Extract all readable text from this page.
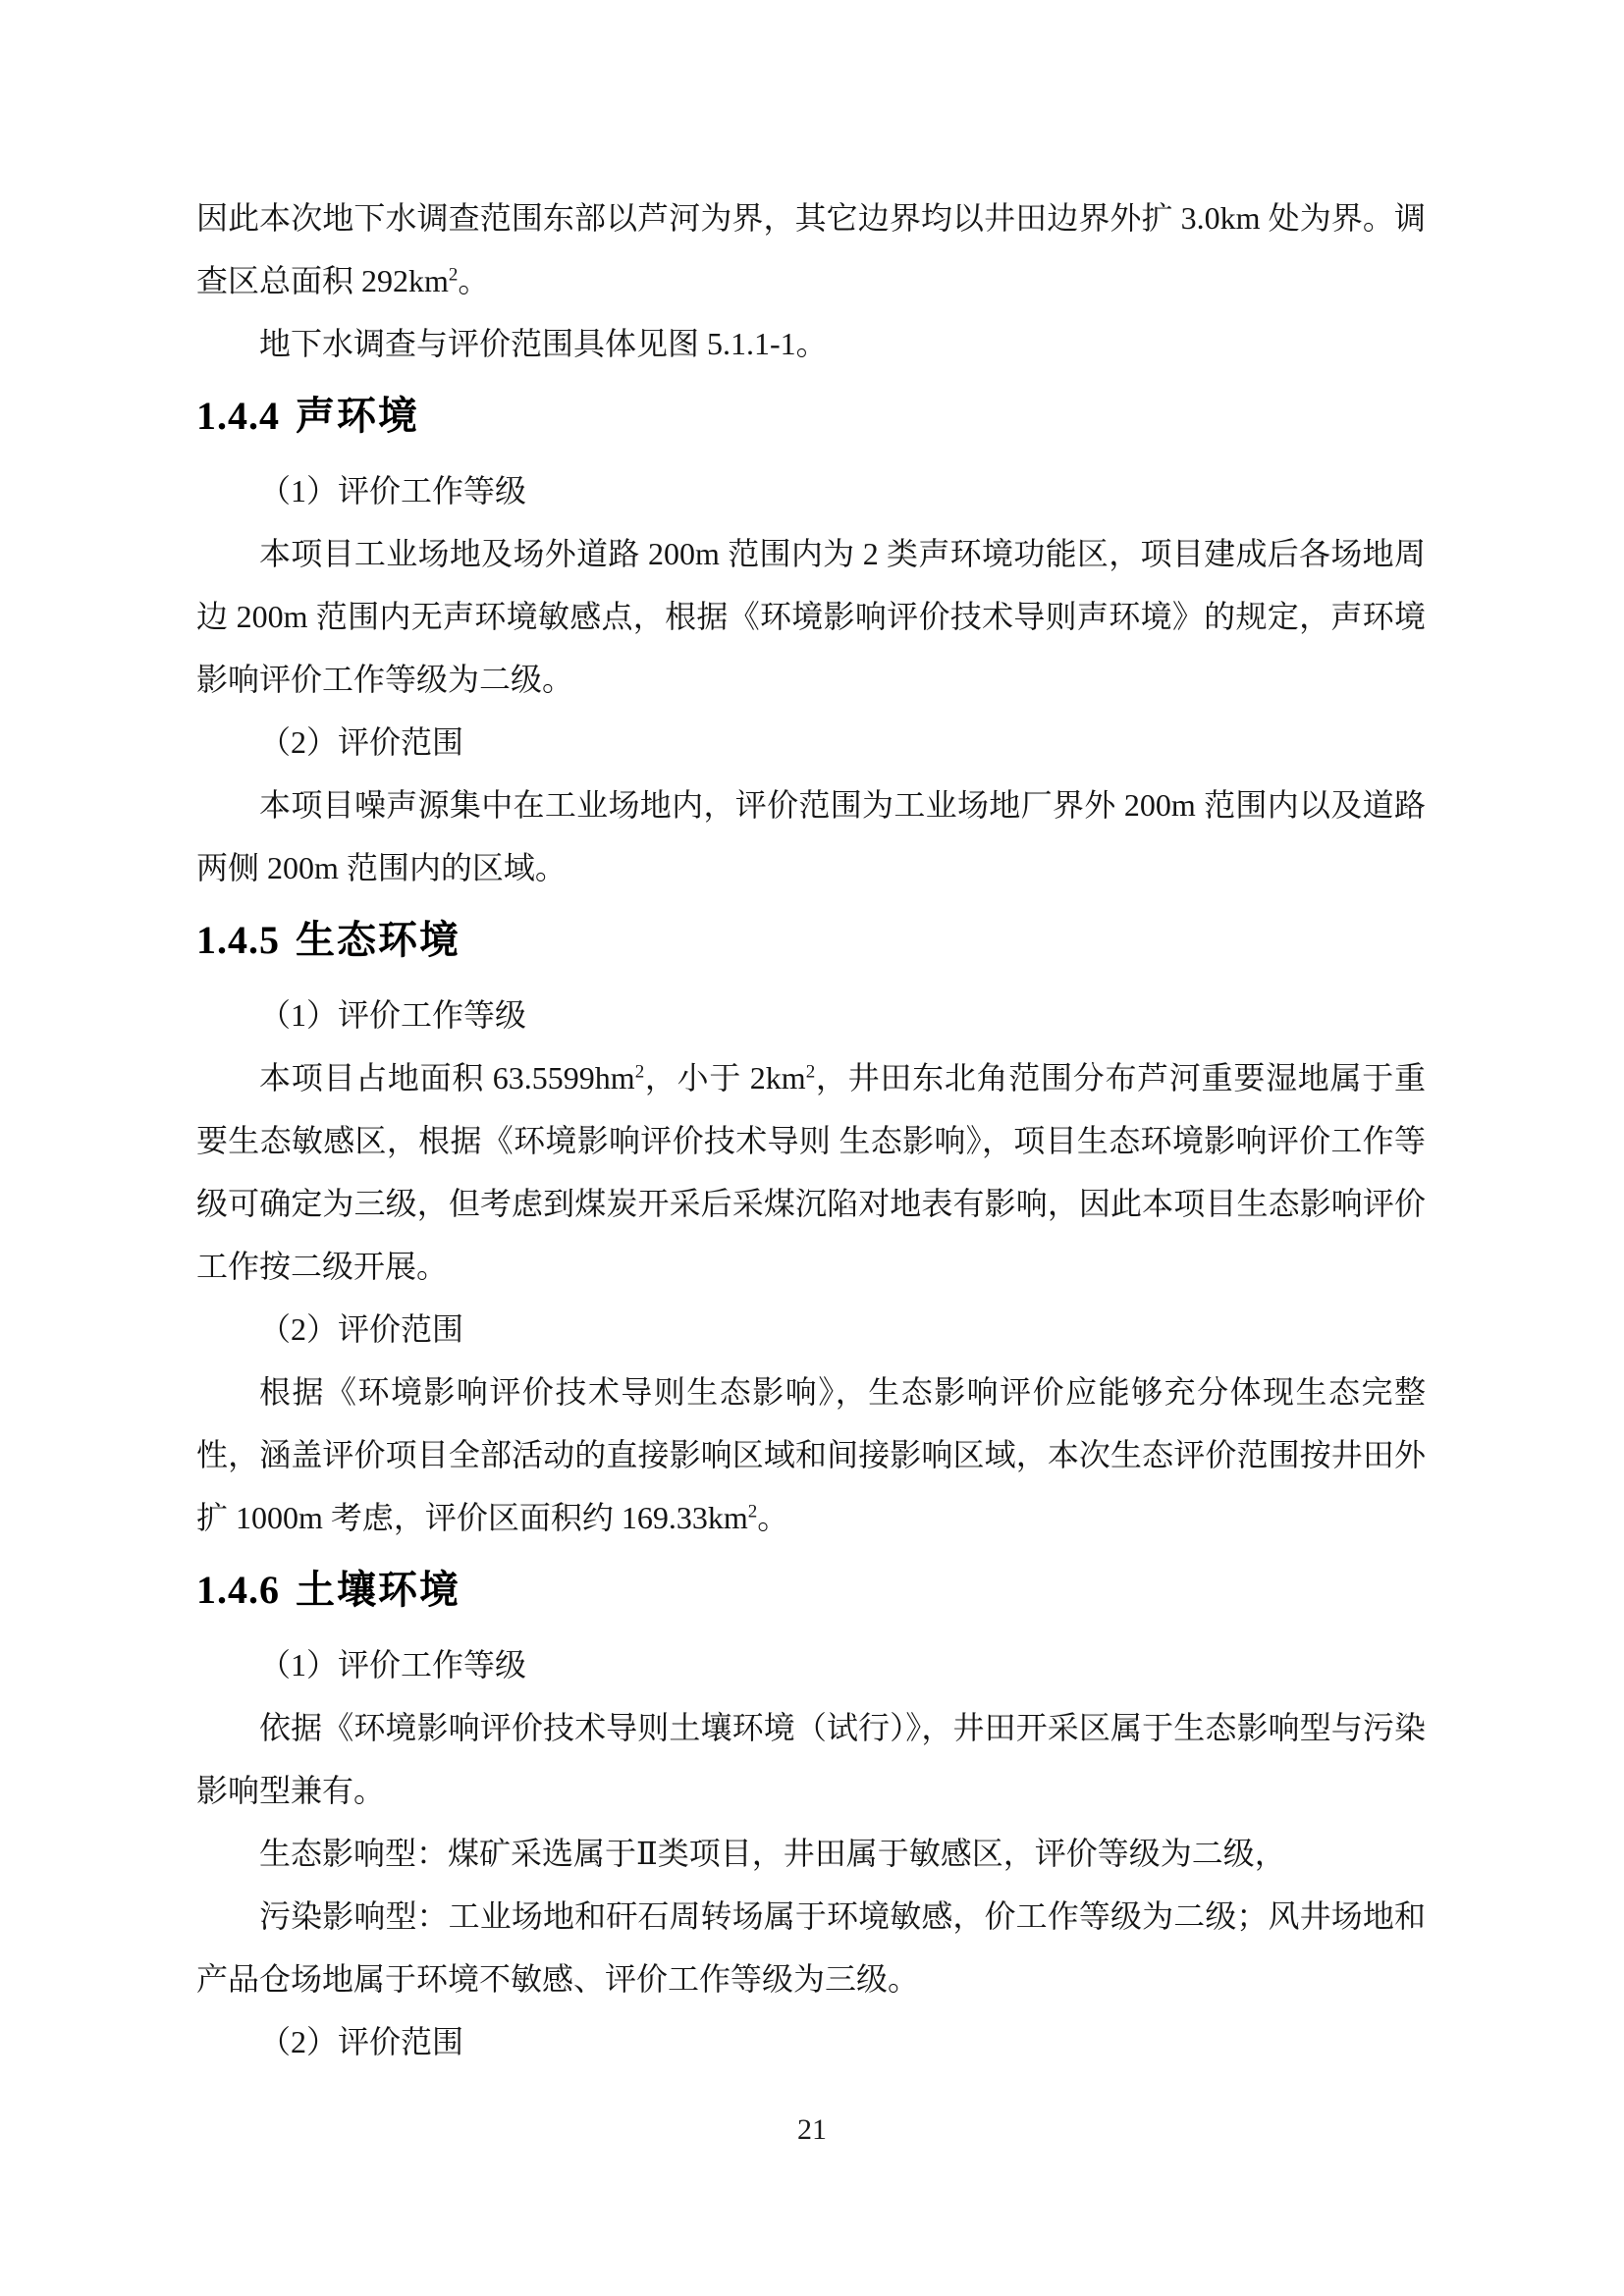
因此本次地下水调查范围东部以芦河为界，其它边界均以井田边界外扩 3.0km 处为界。调查区总面积 $292km^2$。

地下水调查与评价范围具体见图 5.1.1-1。

1.4.4 声环境

（1）评价工作等级

本项目工业场地及场外道路 200m 范围内为 2 类声环境功能区，项目建成后各场地周边 200m 范围内无声环境敏感点，根据《环境影响评价技术导则声环境》的规定，声环境影响评价工作等级为二级。

（2）评价范围

本项目噪声源集中在工业场地内，评价范围为工业场地厂界外 200m 范围内以及道路两侧 200m 范围内的区域。

1.4.5 生态环境

（1）评价工作等级

本项目占地面积 $63.5599hm^2$，小于 $2km^2$，井田东北角范围分布芦河重要湿地属于重要生态敏感区，根据《环境影响评价技术导则 生态影响》，项目生态环境影响评价工作等级可确定为三级，但考虑到煤炭开采后采煤沉陷对地表有影响，因此本项目生态影响评价工作按二级开展。

（2）评价范围

根据《环境影响评价技术导则生态影响》，生态影响评价应能够充分体现生态完整性，涵盖评价项目全部活动的直接影响区域和间接影响区域，本次生态评价范围按井田外扩 1000m 考虑，评价区面积约 $169.33km^2$。

1.4.6 土壤环境

（1）评价工作等级

依据《环境影响评价技术导则土壤环境（试行）》，井田开采区属于生态影响型与污染影响型兼有。

生态影响型：煤矿采选属于Ⅱ类项目，井田属于敏感区，评价等级为二级，

污染影响型：工业场地和矸石周转场属于环境敏感，价工作等级为二级；风井场地和产品仓场地属于环境不敏感、评价工作等级为三级。

（2）评价范围

21
